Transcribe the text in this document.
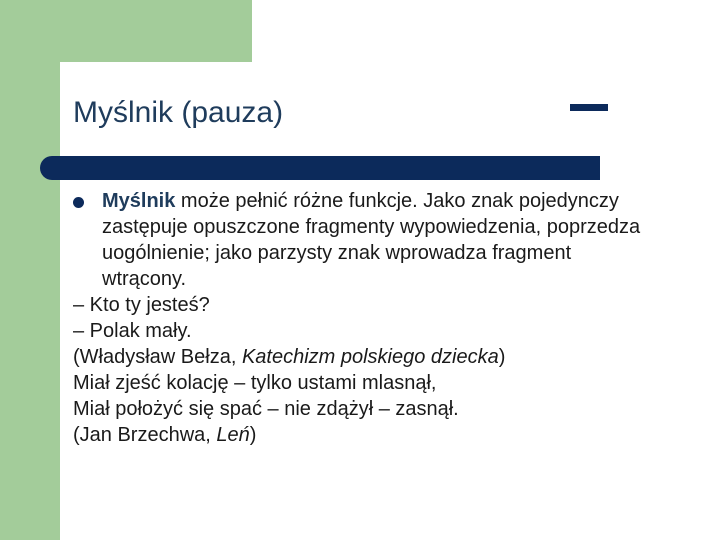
Myślnik (pauza)

Myślnik może pełnić różne funkcje. Jako znak pojedynczy zastępuje opuszczone fragmenty wypowiedzenia, poprzedza uogólnienie; jako parzysty znak wprowadza fragment wtrącony.

– Kto ty jesteś?

– Polak mały.

(Władysław Bełza, Katechizm polskiego dziecka)

Miał zjeść kolację – tylko ustami mlasnął,

Miał położyć się spać – nie zdążył – zasnął.

(Jan Brzechwa, Leń)
